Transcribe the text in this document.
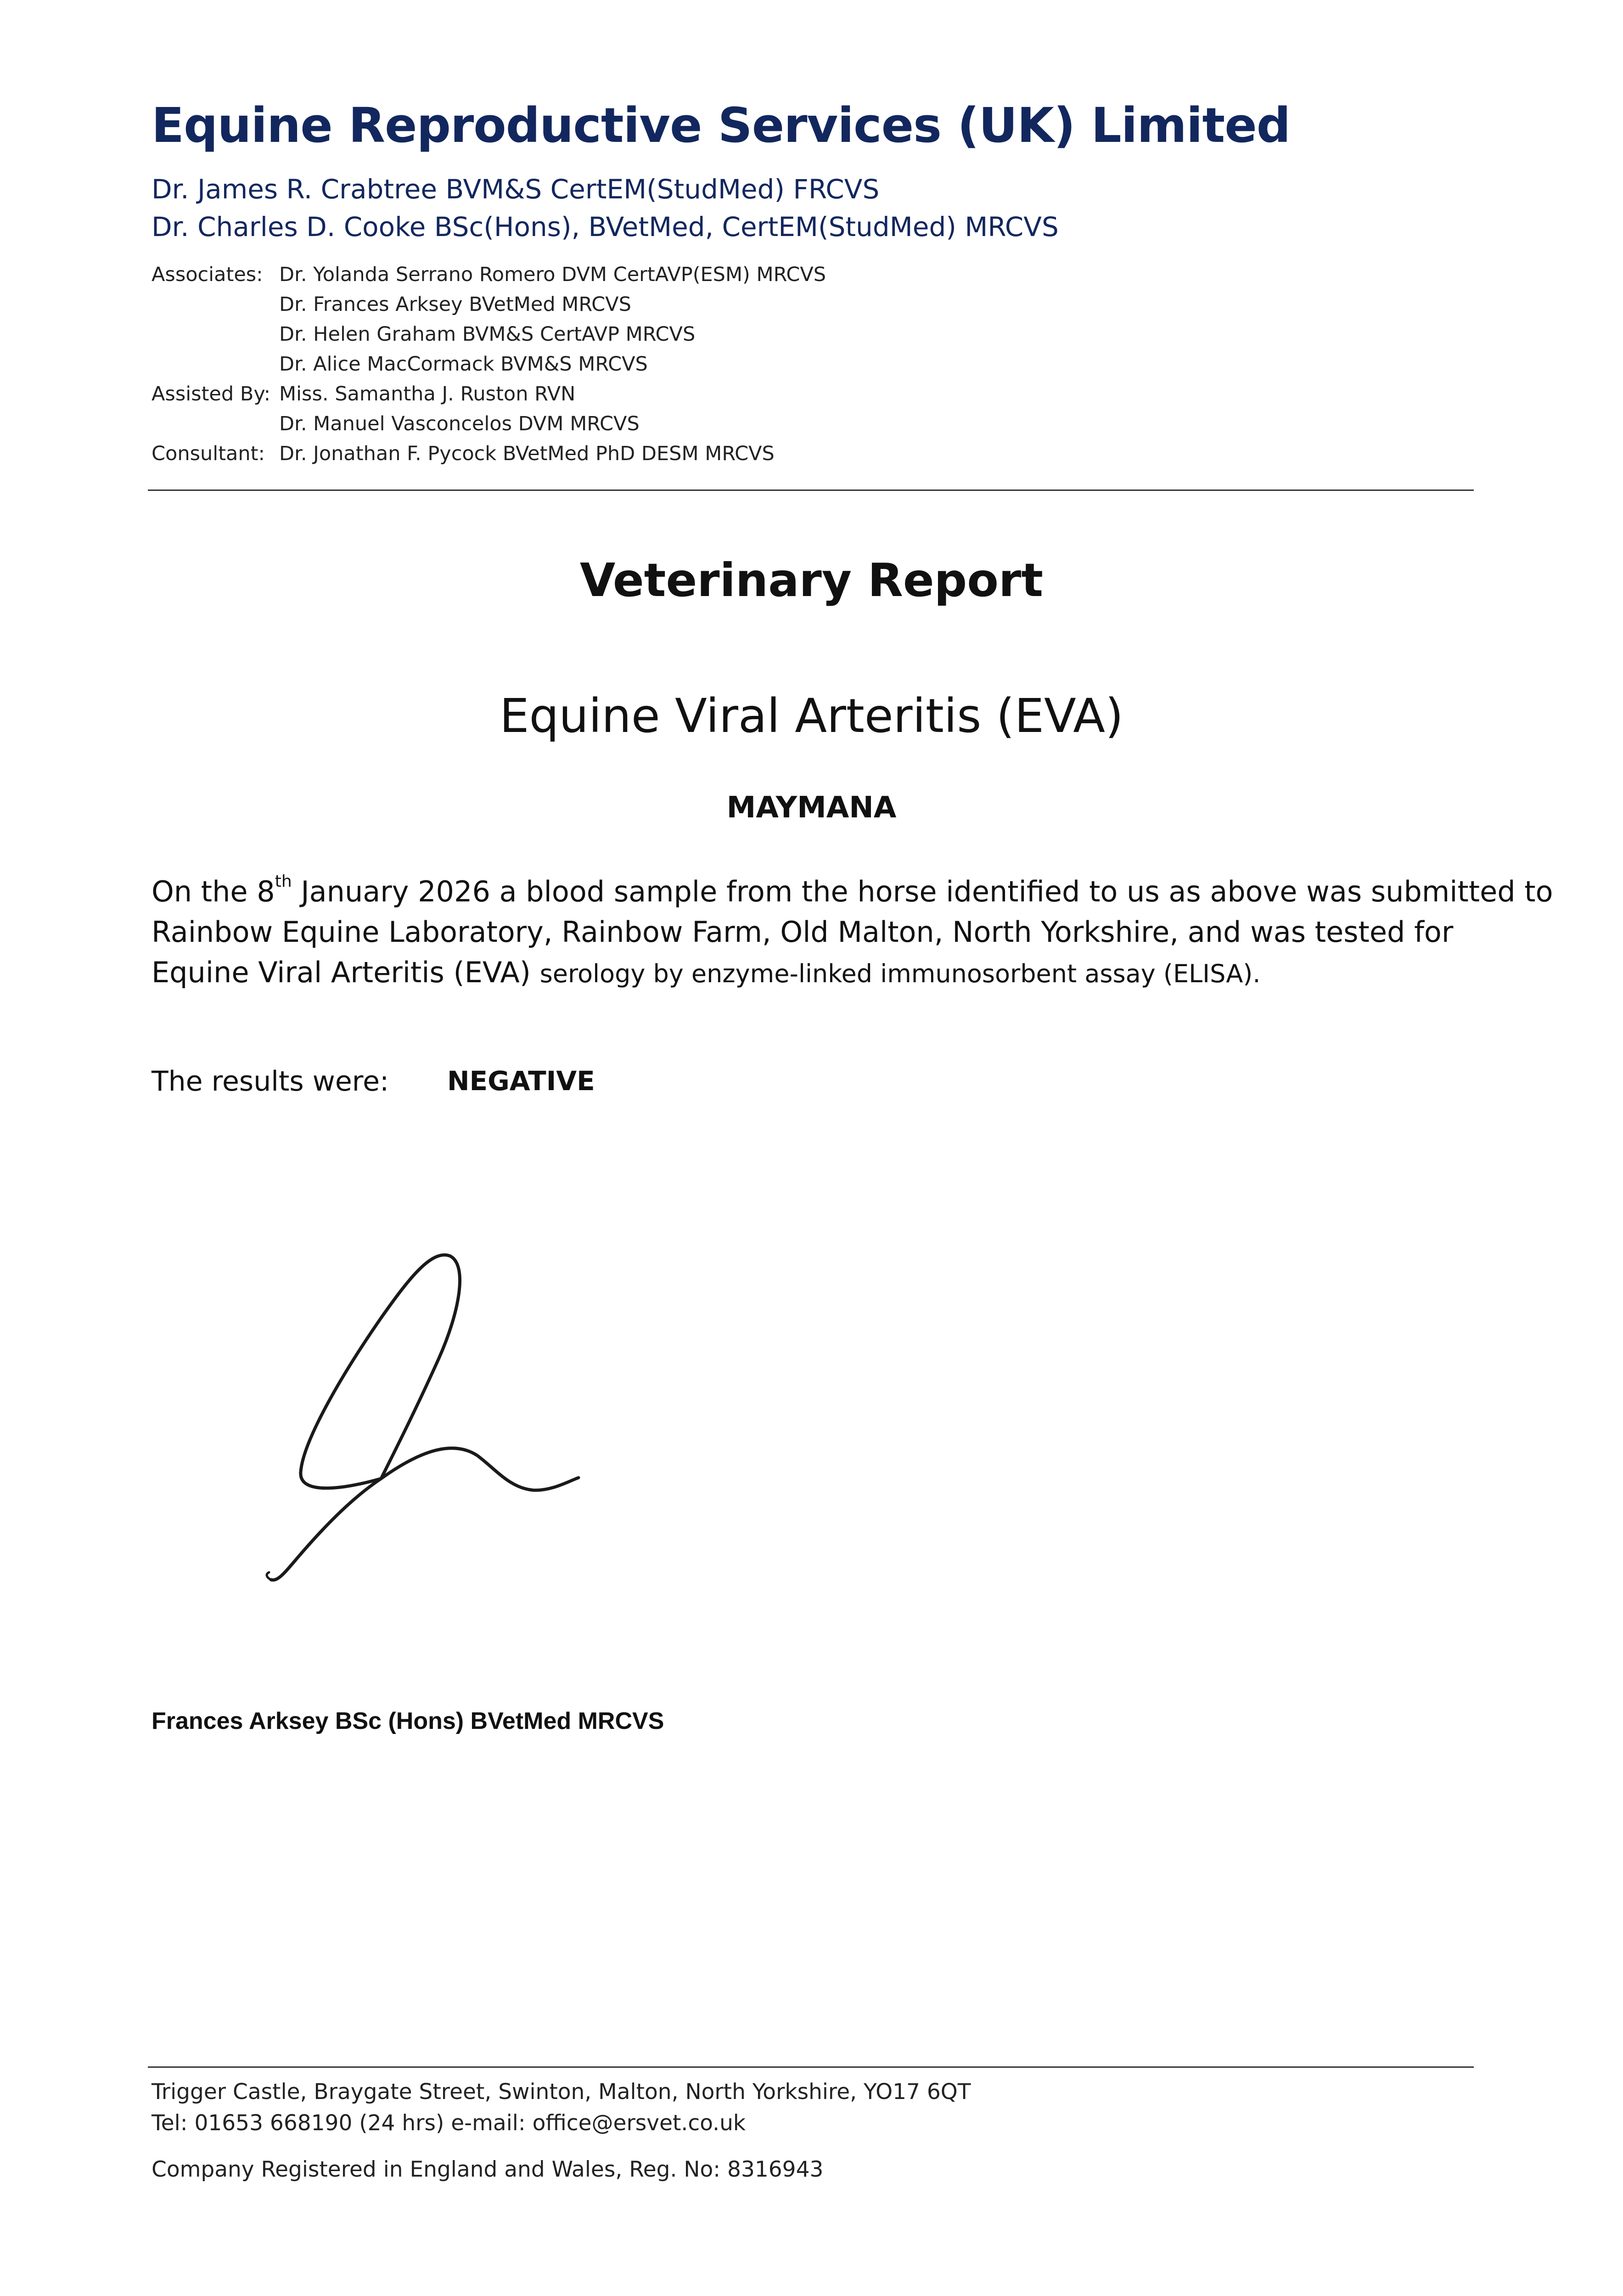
Equine Reproductive Services (UK) Limited
Dr. James R. Crabtree BVM&S CertEM(StudMed) FRCVS
Dr. Charles D. Cooke BSc(Hons), BVetMed, CertEM(StudMed) MRCVS
Associates: Dr. Yolanda Serrano Romero DVM CertAVP(ESM) MRCVS
Dr. Frances Arksey BVetMed MRCVS
Dr. Helen Graham BVM&S CertAVP MRCVS
Dr. Alice MacCormack BVM&S MRCVS
Assisted By: Miss. Samantha J. Ruston RVN
Dr. Manuel Vasconcelos DVM MRCVS
Consultant: Dr. Jonathan F. Pycock BVetMed PhD DESM MRCVS
Veterinary Report
Equine Viral Arteritis (EVA)
MAYMANA
On the 8th January 2026 a blood sample from the horse identified to us as above was submitted to
Rainbow Equine Laboratory, Rainbow Farm, Old Malton, North Yorkshire, and was tested for
Equine Viral Arteritis (EVA) serology by enzyme-linked immunosorbent assay (ELISA).
The results were: NEGATIVE
Frances Arksey BSc (Hons) BVetMed MRCVS
Trigger Castle, Braygate Street, Swinton, Malton, North Yorkshire, YO17 6QT
Tel: 01653 668190 (24 hrs) e-mail: office@ersvet.co.uk
Company Registered in England and Wales, Reg. No: 8316943
